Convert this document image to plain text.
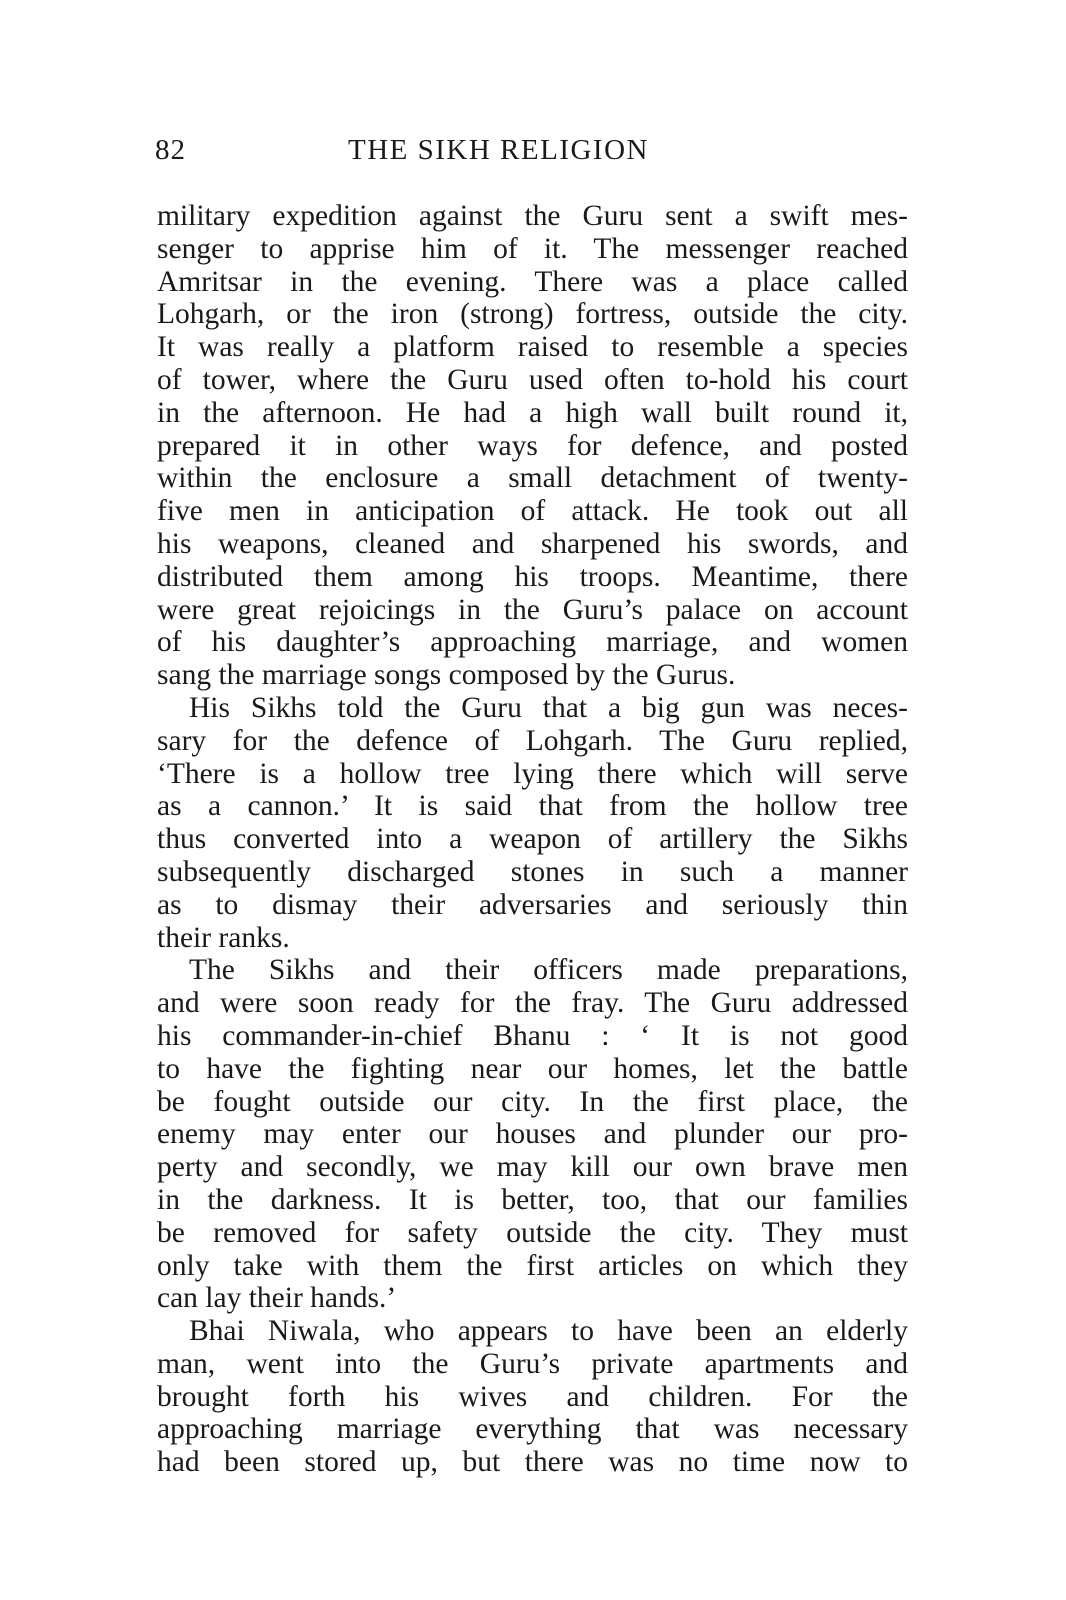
82	THE SIKH RELIGION
military expedition against the Guru sent a swift mes-
senger to apprise him of it. The messenger reached
Amritsar in the evening. There was a place called
Lohgarh, or the iron (strong) fortress, outside the city.
It was really a platform raised to resemble a species
of tower, where the Guru used often to-hold his court
in the afternoon. He had a high wall built round it,
prepared it in other ways for defence, and posted
within the enclosure a small detachment of twenty-
five men in anticipation of attack. He took out all
his weapons, cleaned and sharpened his swords, and
distributed them among his troops. Meantime, there
were great rejoicings in the Guru’s palace on account
of his daughter’s approaching marriage, and women
sang the marriage songs composed by the Gurus.
His Sikhs told the Guru that a big gun was neces-
sary for the defence of Lohgarh. The Guru replied,
‘There is a hollow tree lying there which will serve
as a cannon.’ It is said that from the hollow tree
thus converted into a weapon of artillery the Sikhs
subsequently discharged stones in such a manner
as to dismay their adversaries and seriously thin
their ranks.
The Sikhs and their officers made preparations,
and were soon ready for the fray. The Guru addressed
his commander-in-chief Bhanu : ‘ It is not good
to have the fighting near our homes, let the battle
be fought outside our city. In the first place, the
enemy may enter our houses and plunder our pro-
perty and secondly, we may kill our own brave men
in the darkness. It is better, too, that our families
be removed for safety outside the city. They must
only take with them the first articles on which they
can lay their hands.’
Bhai Niwala, who appears to have been an elderly
man, went into the Guru’s private apartments and
brought forth his wives and children. For the
approaching marriage everything that was necessary
had been stored up, but there was no time now to
